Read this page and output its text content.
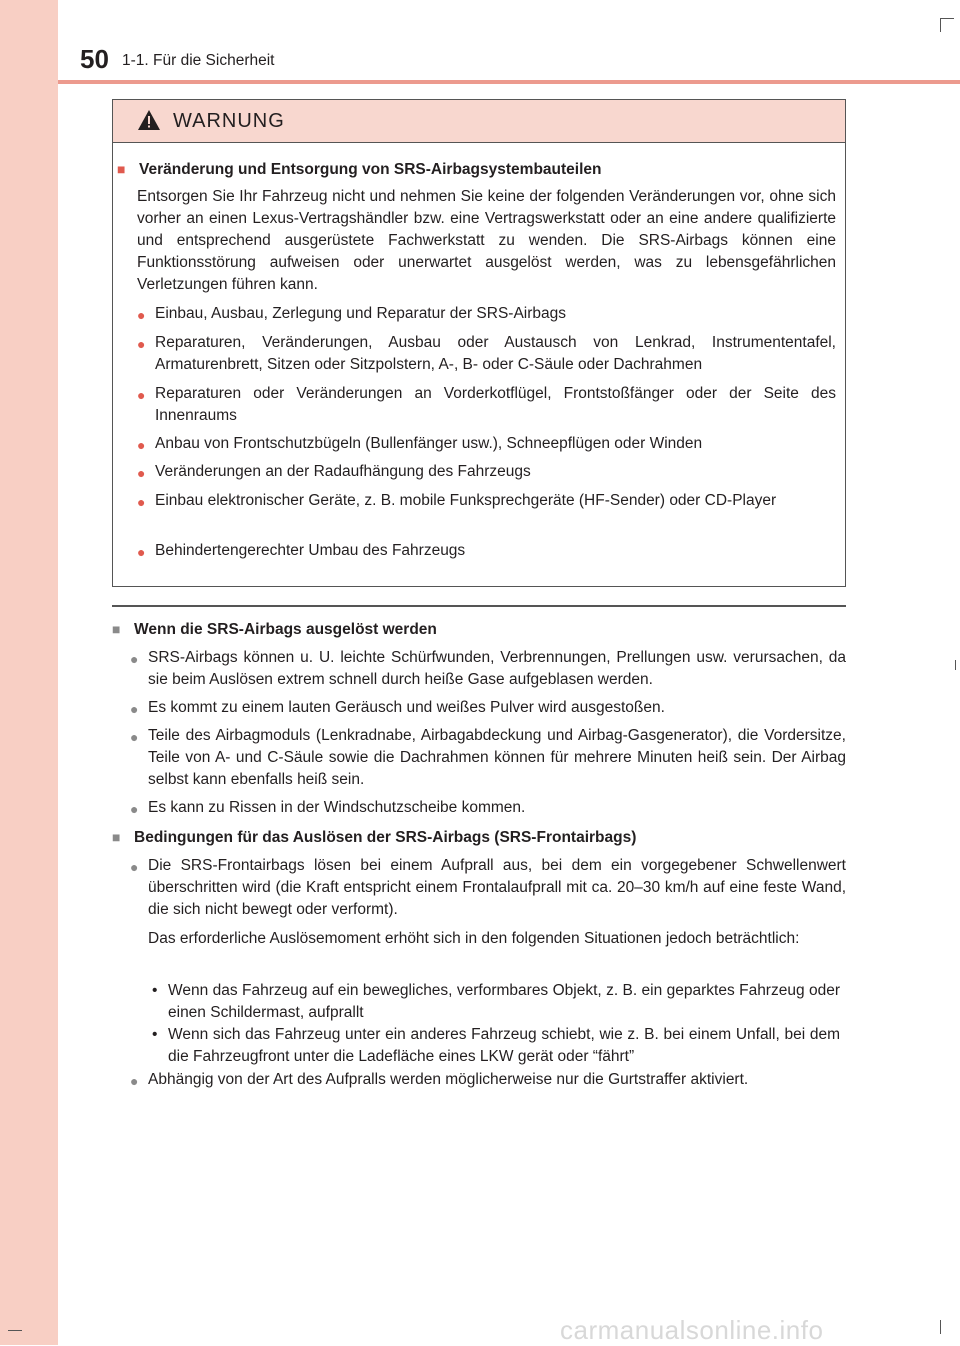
50 1-1. Für die Sicherheit
WARNUNG
■ Veränderung und Entsorgung von SRS-Airbagsystembauteilen
Entsorgen Sie Ihr Fahrzeug nicht und nehmen Sie keine der folgenden Veränderungen vor, ohne sich vorher an einen Lexus-Vertragshändler bzw. eine Vertragswerkstatt oder an eine andere qualifizierte und entsprechend ausgerüstete Fachwerkstatt zu wenden. Die SRS-Airbags können eine Funktionsstörung aufweisen oder unerwartet ausgelöst werden, was zu lebensgefährlichen Verletzungen führen kann.
● Einbau, Ausbau, Zerlegung und Reparatur der SRS-Airbags
● Reparaturen, Veränderungen, Ausbau oder Austausch von Lenkrad, Instrumententafel, Armaturenbrett, Sitzen oder Sitzpolstern, A-, B- oder C-Säule oder Dachrahmen
● Reparaturen oder Veränderungen an Vorderkotflügel, Frontstoßfänger oder der Seite des Innenraums
● Anbau von Frontschutzbügeln (Bullenfänger usw.), Schneepflügen oder Winden
● Veränderungen an der Radaufhängung des Fahrzeugs
● Einbau elektronischer Geräte, z. B. mobile Funksprechgeräte (HF-Sender) oder CD-Player
● Behindertengerechter Umbau des Fahrzeugs
■ Wenn die SRS-Airbags ausgelöst werden
● SRS-Airbags können u. U. leichte Schürfwunden, Verbrennungen, Prellungen usw. verursachen, da sie beim Auslösen extrem schnell durch heiße Gase aufgeblasen werden.
● Es kommt zu einem lauten Geräusch und weißes Pulver wird ausgestoßen.
● Teile des Airbagmoduls (Lenkradnabe, Airbagabdeckung und Airbag-Gasgenerator), die Vordersitze, Teile von A- und C-Säule sowie die Dachrahmen können für mehrere Minuten heiß sein. Der Airbag selbst kann ebenfalls heiß sein.
● Es kann zu Rissen in der Windschutzscheibe kommen.
■ Bedingungen für das Auslösen der SRS-Airbags (SRS-Frontairbags)
● Die SRS-Frontairbags lösen bei einem Aufprall aus, bei dem ein vorgegebener Schwellenwert überschritten wird (die Kraft entspricht einem Frontalaufprall mit ca. 20–30 km/h auf eine feste Wand, die sich nicht bewegt oder verformt).
Das erforderliche Auslösemoment erhöht sich in den folgenden Situationen jedoch beträchtlich:
• Wenn das Fahrzeug auf ein bewegliches, verformbares Objekt, z. B. ein geparktes Fahrzeug oder einen Schildermast, aufprallt
• Wenn sich das Fahrzeug unter ein anderes Fahrzeug schiebt, wie z. B. bei einem Unfall, bei dem die Fahrzeugfront unter die Ladefläche eines LKW gerät oder “fährt”
● Abhängig von der Art des Aufpralls werden möglicherweise nur die Gurtstraffer aktiviert.
carmanualsonline.info
